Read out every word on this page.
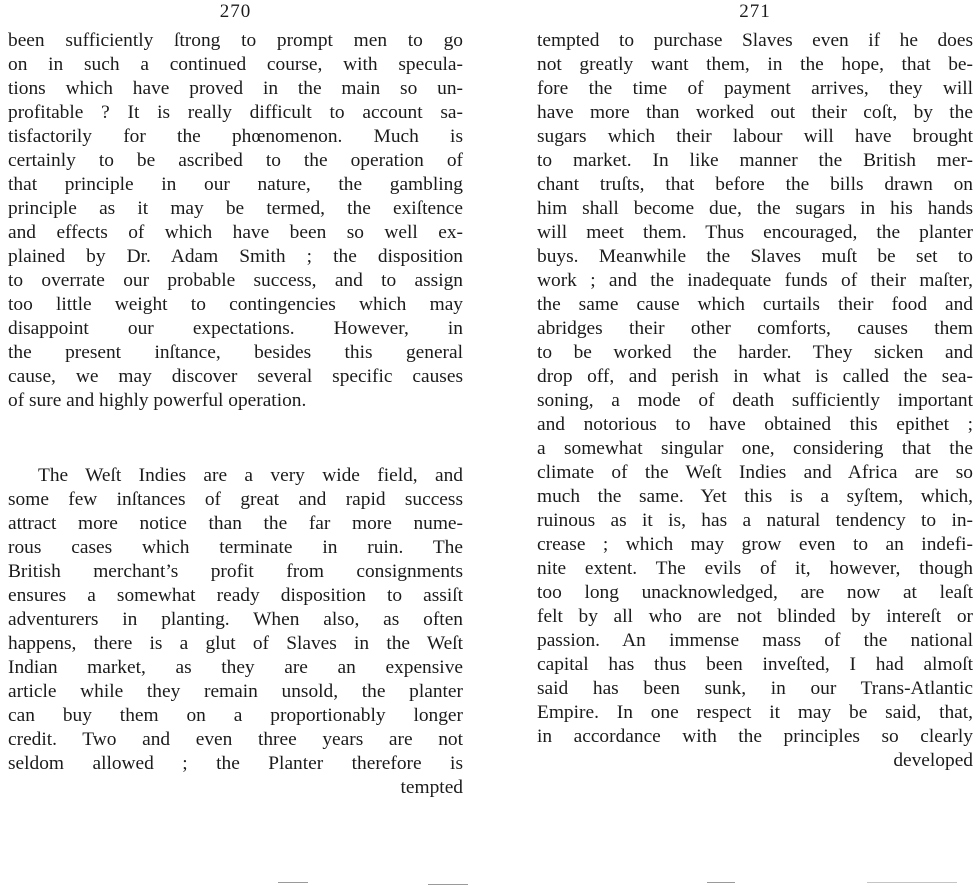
270
been sufficiently ſtrong to prompt men to go
on in such a continued course, with specula-
tions which have proved in the main so un-
profitable ? It is really difficult to account sa-
tisfactorily for the phœnomenon. Much is
certainly to be ascribed to the operation of
that principle in our nature, the gambling
principle as it may be termed, the exiſtence
and effects of which have been so well ex-
plained by Dr. Adam Smith ; the disposition
to overrate our probable success, and to assign
too little weight to contingencies which may
disappoint our expectations. However, in
the present inſtance, besides this general
cause, we may discover several specific causes
of sure and highly powerful operation.
The Weſt Indies are a very wide field, and
some few inſtances of great and rapid success
attract more notice than the far more nume-
rous cases which terminate in ruin. The
British merchant’s profit from consignments
ensures a somewhat ready disposition to assiſt
adventurers in planting. When also, as often
happens, there is a glut of Slaves in the Weſt
Indian market, as they are an expensive
article while they remain unsold, the planter
can buy them on a proportionably longer
credit. Two and even three years are not
seldom allowed ; the Planter therefore is
tempted
271
tempted to purchase Slaves even if he does
not greatly want them, in the hope, that be-
fore the time of payment arrives, they will
have more than worked out their coſt, by the
sugars which their labour will have brought
to market. In like manner the British mer-
chant truſts, that before the bills drawn on
him shall become due, the sugars in his hands
will meet them. Thus encouraged, the planter
buys. Meanwhile the Slaves muſt be set to
work ; and the inadequate funds of their maſter,
the same cause which curtails their food and
abridges their other comforts, causes them
to be worked the harder. They sicken and
drop off, and perish in what is called the sea-
soning, a mode of death sufficiently important
and notorious to have obtained this epithet ;
a somewhat singular one, considering that the
climate of the Weſt Indies and Africa are so
much the same. Yet this is a syſtem, which,
ruinous as it is, has a natural tendency to in-
crease ; which may grow even to an indefi-
nite extent. The evils of it, however, though
too long unacknowledged, are now at leaſt
felt by all who are not blinded by intereſt or
passion. An immense mass of the national
capital has thus been inveſted, I had almoſt
said has been sunk, in our Trans-Atlantic
Empire. In one respect it may be said, that,
in accordance with the principles so clearly
developed
